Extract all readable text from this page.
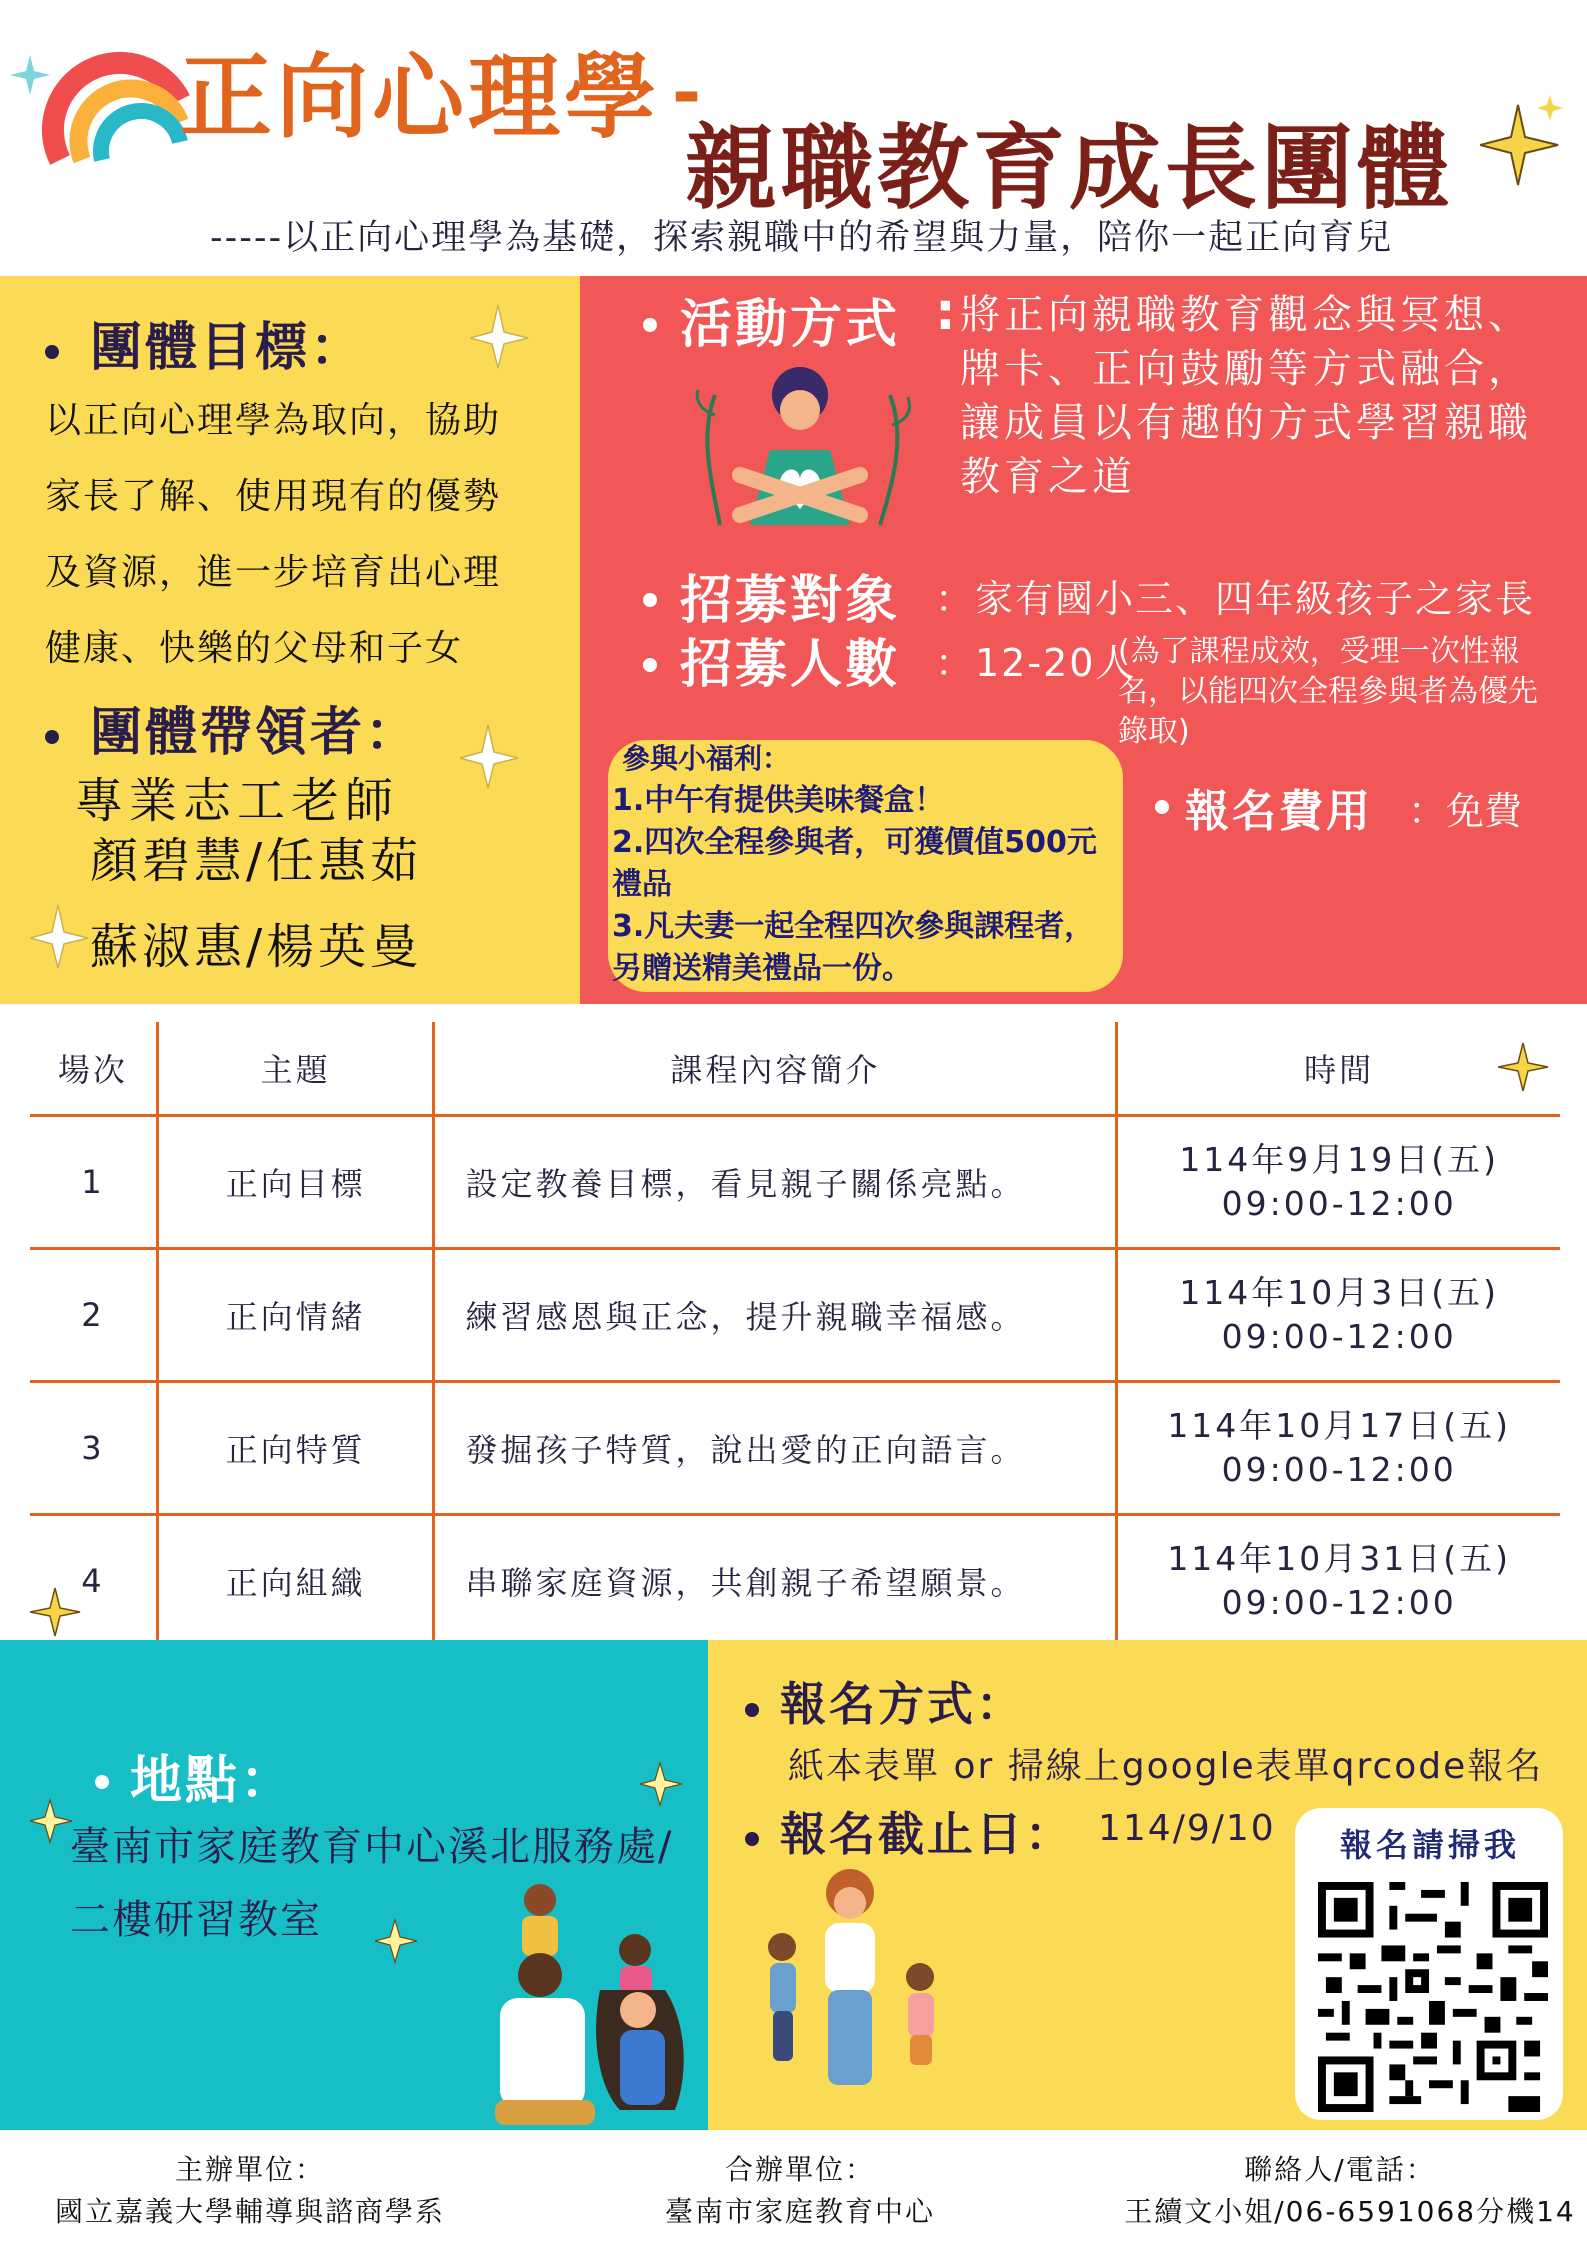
正向心理學 -
親職教育成長團體
-----以正向心理學為基礎，探索親職中的希望與力量，陪你一起正向育兒
團體目標：
以正向心理學為取向，協助家長了解、使用現有的優勢及資源，進一步培育出心理健康、快樂的父母和子女
團體帶領者：
專業志工老師
顏碧慧/任惠茹
蘇淑惠/楊英曼
活動方式 : 將正向親職教育觀念與冥想、牌卡、正向鼓勵等方式融合，讓成員以有趣的方式學習親職教育之道
招募對象 ：家有國小三、四年級孩子之家長
招募人數 ：12-20人
(為了課程成效，受理一次性報名，以能四次全程參與者為優先錄取)
報名費用 ：免費
參與小福利：
1.中午有提供美味餐盒！
2.四次全程參與者，可獲價值500元禮品
3.凡夫妻一起全程四次參與課程者，另贈送精美禮品一份。
場次	主題	課程內容簡介	時間
1	正向目標	設定教養目標，看見親子關係亮點。	114年9月19日(五)
09:00-12:00

2	正向情緒	練習感恩與正念，提升親職幸福感。	114年10月3日(五)
09:00-12:00

3	正向特質	發掘孩子特質，說出愛的正向語言。	114年10月17日(五)
09:00-12:00

4	正向組織	串聯家庭資源，共創親子希望願景。	114年10月31日(五)
09:00-12:00
地點：
臺南市家庭教育中心溪北服務處/
二樓研習教室
報名方式：
紙本表單 or 掃線上google表單qrcode報名
報名截止日： 114/9/10	報名請掃我
主辦單位：
國立嘉義大學輔導與諮商學系
合辦單位：
臺南市家庭教育中心
聯絡人/電話：
王續文小姐/06-6591068分機14
